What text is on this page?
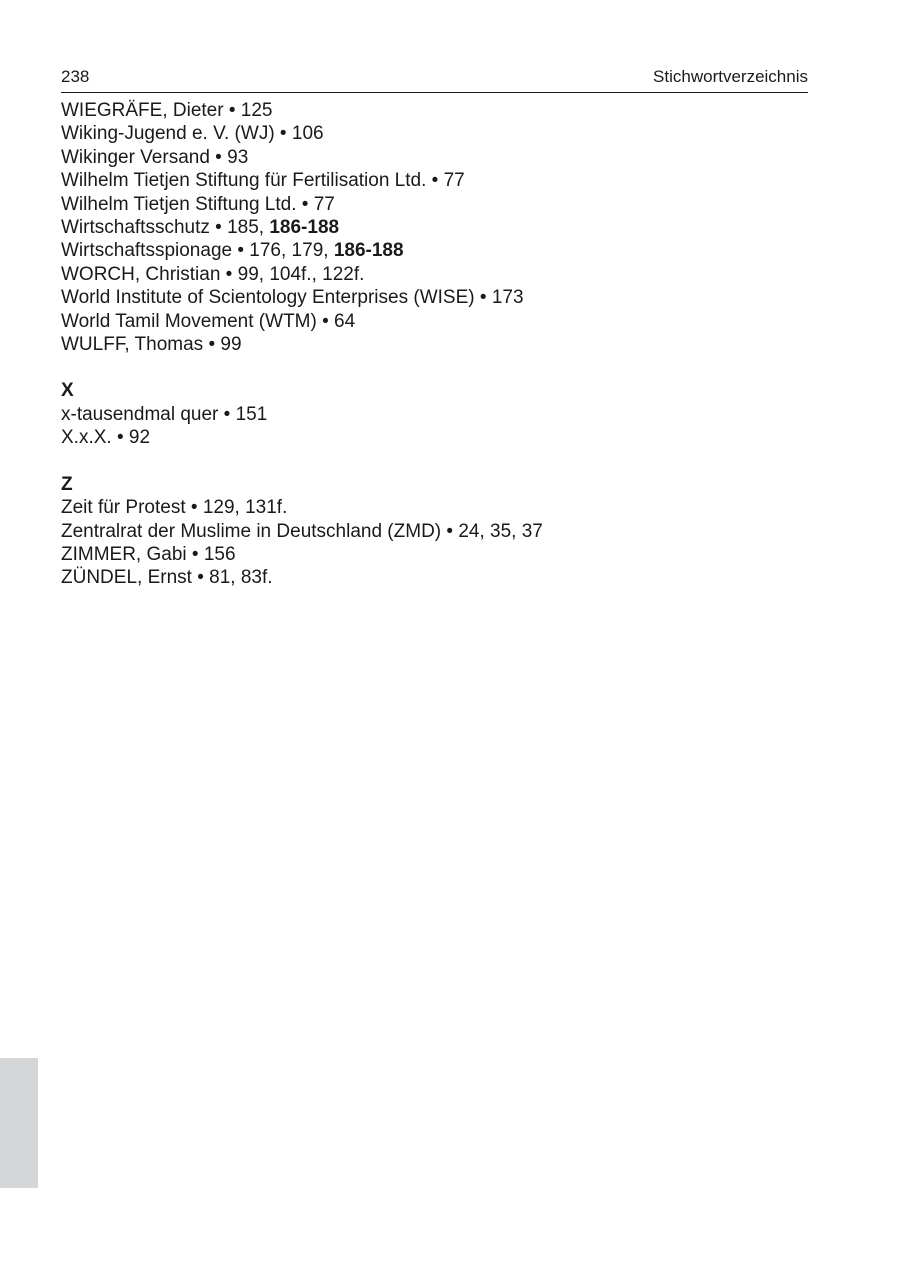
238	Stichwortverzeichnis
WIEGRÄFE, Dieter • 125
Wiking-Jugend e. V. (WJ) • 106
Wikinger Versand • 93
Wilhelm Tietjen Stiftung für Fertilisation Ltd. • 77
Wilhelm Tietjen Stiftung Ltd. • 77
Wirtschaftsschutz • 185, 186-188
Wirtschaftsspionage • 176, 179, 186-188
WORCH, Christian • 99, 104f., 122f.
World Institute of Scientology Enterprises (WISE) • 173
World Tamil Movement (WTM) • 64
WULFF, Thomas • 99
X
x-tausendmal quer • 151
X.x.X. • 92
Z
Zeit für Protest • 129, 131f.
Zentralrat der Muslime in Deutschland (ZMD) • 24, 35, 37
ZIMMER, Gabi • 156
ZÜNDEL, Ernst • 81, 83f.
